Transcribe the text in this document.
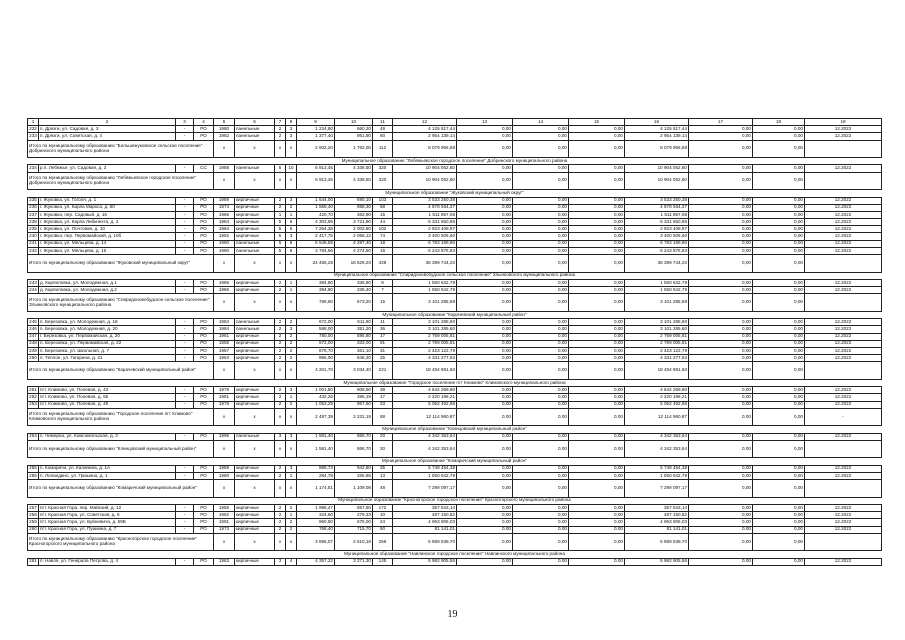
1	2	3	4	5	6	7	8	9	10	11	12	13	14	15	16	17	18	19
232	п. Дрязги, ул. Садовая, д. 3	-	РО	1980	панельные	2	3	1 224,80	660,20	49	4 125 817,44	0,00	0,00	0,00	4 125 817,44	0,00	0,00	12.2022
233	п. Дрязги, ул. Советская, д. 4	-	РО	1982	панельные	2	3	1 377,40	951,80	60	2 954 139,14	0,00	0,00	0,00	2 954 139,14	0,00	0,00	12.2022
Итого по муниципальному образованию "Большежуковское сельское поселение" Добринского муниципального района				х	х	х	х	2 602,20	1 762,00	112	8 079 956,58	0,00	0,00	0,00	8 079 956,58	0,00	0,00	
Муниципальное образование "Лебяжьевское городское поселение" Добринского муниципального района																		
234	р.п. Лебяжье, ул. Садовая, д. 2	-	СС	1988	панельные	5	10	6 913,45	4 338,50	320	10 904 052,60	0,00	0,00	0,00	10 904 052,60	0,00	0,00	12.2022
Итого по муниципальному образованию "Лебяжьевское городское поселение" Добринского муниципального района				х	х	х	х	6 913,45	4 338,50	320	10 904 052,60	0,00	0,00	0,00	10 904 052,60	0,00	0,00	
Муниципальное образование "Жуковский муниципальный округ"																		
235	г. Жуковка, ул. Гоголя, д. 1	-	РО	1989	кирпичные	2	3	1 644,00	690,10	103	3 533 250,38	0,00	0,00	0,00	3 533 250,38	0,00	0,00	12.2022
236	г. Жуковка, ул. Карла Маркса, д. 60	-	РО	1974	кирпичные	2	2	1 569,40	988,30	68	4 678 934,27	0,00	0,00	0,00	4 678 934,27	0,00	0,00	12.2022
237	г. Жуковка, пер. Садовый, д. 16	-	РО	1986	кирпичные	1	1	420,70	362,90	15	1 511 867,08	0,00	0,00	0,00	1 511 867,08	0,00	0,00	12.2022
238	г. Жуковка, ул. Карла Либкнехта, д. 2	-	РО	1984	кирпичные	5	6	4 303,95	3 721,90	44	6 331 650,85	0,00	0,00	0,00	6 331 650,85	0,00	0,00	12.2022
239	г. Жуковка, ул. Почтовая, д. 10	-	РО	1964	кирпичные	5	6	7 254,38	2 002,60	102	2 923 408,97	0,00	0,00	0,00	2 923 408,97	0,00	0,00	12.2022
240	г. Жуковка, пер. Первомайский, д. 10б	-	РО	1992	кирпичные	5	3	2 417,75	2 055,12	74	3 400 506,60	0,00	0,00	0,00	3 400 506,60	0,00	0,00	12.2022
241	г. Жуковка, ул. Мельцева, д. 14	-	РО	1980	панельные	5	6	5 549,59	4 297,40	18	6 783 199,80	0,00	0,00	0,00	6 783 199,80	0,00	0,00	12.2022
242	г. Жуковка, ул. Мельцева, д. 15	-	РО	1980	панельные	5	6	3 784,66	4 274,50	16	6 243 876,83	0,00	0,00	0,00	6 243 876,83	0,00	0,00	12.2022
Итого по муниципальному образованию "Жуковский муниципальный округ"				х	х	х	х	24 455,26	18 529,20	428	36 399 744,23	0,00	0,00	0,00	36 399 744,23	0,00	0,00	
Муниципальное образование "Спиридоновобудское сельское поселение" Злынковского муниципального района																		
243	д. Карпиловка, ул. Молодежная, д.1	-	РО	1986	кирпичные	2	1	394,80	336,80	8	1 550 642,79	0,00	0,00	0,00	1 550 642,79	0,00	0,00	12.2022
244	д. Карпиловка, ул. Молодежная, д.2	-	РО	1986	кирпичные	2	1	394,80	336,40	7	1 550 642,79	0,00	0,00	0,00	1 550 642,79	0,00	0,00	12.2022
Итого по муниципальному образованию "Спиридоновобудское сельское поселение" Злынковского муниципального района				х	х	х	х	789,60	673,20	15	3 101 285,58	0,00	0,00	0,00	3 101 285,58	0,00	0,00	
Муниципальное образование "Карачевский муниципальный район"																		
245	п. Березовка, ул. Молодежная, д. 18	-	РО	1984	панельные	2	2	672,00	611,60	11	3 101 285,60	0,00	0,00	0,00	3 101 285,60	0,00	0,00	12.2022
246	п. Березовка, ул. Молодежная, д. 20	-	РО	1984	панельные	2	3	588,00	351,20	36	3 101 285,60	0,00	0,00	0,00	3 101 285,60	0,00	0,00	12.2022
247	г. Березовка, ул. Первомайская, д. 20	-	РО	1961	кирпичные	2	2	780,00	595,80	17	2 769 005,81	0,00	0,00	0,00	2 769 005,81	0,00	0,00	12.2022
248	п. Березовка, ул. Первомайская, д. 22	-	РО	1958	кирпичные	2	2	572,00	333,00	91	2 769 005,81	0,00	0,00	0,00	2 769 005,81	0,00	0,00	12.2022
249	п. Березовка, ул. Школьная, д. 7	-	РО	1957	кирпичные	2	2	676,70	361,10	31	2 423 122,79	0,00	0,00	0,00	2 423 122,79	0,00	0,00	12.2022
250	п. Теплое, ул. Гагарина, д. 21	-	РО	1963	кирпичные	2	2	965,00	848,20	25	4 331 277,62	0,00	0,00	0,00	4 331 277,62	0,00	0,00	12.2022
Итого по муниципальному образованию "Карачевский муниципальный район"				х	х	х	х	4 201,70	3 034,40	221	18 494 981,63	0,00	0,00	0,00	18 494 981,63	0,00	0,00	
Муниципальное образование "Городское поселение пгт Климово" Климовского муниципального района																		
251	пгт. Климово, ул. Полевая, д. 43	-	РО	1979	кирпичные	2	3	1 001,80	908,50	38	4 642 269,80	0,00	0,00	0,00	4 642 269,80	0,00	0,00	12.2022
252	пгт. Климово, ул. Полевая, д. 55	-	РО	1981	кирпичные	2	1	432,26	395,19	17	2 220 198,21	0,00	0,00	0,00	2 220 198,21	0,00	0,00	12.2022
253	пгт. Климово, ул. Полевая, д. 49	-	РО	1978	кирпичные	2	2	1 053,29	967,50	33	5 052 492,86	0,00	0,00	0,00	5 052 492,86	0,00	0,00	12.2022
Итого по муниципальному образованию "Городское поселение пгт Климово" Климовского муниципального района				х	х	х	х	2 487,39	2 231,19	88	12 114 960,87	0,00	0,00	0,00	12 114 960,87	0,00	0,00	-
Муниципальное образование "Клинцовский муниципальный район"																		
254	п. Чемерна, ул. Комсомольская, д. 3	-	РО	1995	панельные	3	3	1 581,40	866,70	20	4 342 353,64	0,00	0,00	0,00	4 342 353,64	0,00	0,00	12.2022
Итого по муниципальному образованию "Клинцовский муниципальный район"				х	х	х	х	1 581,40	866,70	20	4 342 353,64	0,00	0,00	0,00	4 342 353,64	0,00	0,00	
Муниципальное образование "Комаричский муниципальный район"																		
255	п. Комаричи, ул. Калинина, д. 1А	-	РО	1989	кирпичные	2	3	989,73	942,80	35	5 748 454,38	0,00	0,00	0,00	5 748 454,38	0,00	0,00	12.2022
256	п. Лопандино, ул. Гришина, д. 1	-	РО	1960	кирпичные	2	1	284,78	266,88	13	1 550 642,79	0,00	0,00	0,00	1 550 642,79	0,00	0,00	12.2022
Итого по муниципальному образованию "Комаричский муниципальный район"				х	х	х	х	1 174,51	1 109,08	48	7 299 097,17	0,00	0,00	0,00	7 299 097,17	0,00	0,00	
Муниципальное образование "Красногорское городское поселение" Красногорского муниципального района																		
257	пгт. Красная Гора, пер. Майский, д. 12	-	РО	1956	кирпичные	2	2	1 986,47	857,90	172	357 543,14	0,00	0,00	0,00	357 543,14	0,00	0,00	12.2022
258	пгт. Красная Гора, ул. Советская, д. 5	-	РО	1962	кирпичные	2	1	324,60	279,33	10	487 150,52	0,00	0,00	0,00	487 150,52	0,00	0,00	12.2022
259	пгт. Красная Гора, ул. Буйневича, д. 58Б	-	РО	1991	кирпичные	2	2	960,80	676,00	24	4 963 806,03	0,00	0,00	0,00	4 963 806,03	0,00	0,00	12.2022
260	пгт. Красная Гора, ул. Пушкина, д. 7	-	РО	1973	кирпичные	2	2	768,40	715,70	50	81 141,01	0,00	0,00	0,00	81 141,01	0,00	0,00	12.2022
Итого по муниципальному образованию "Красногорское городское поселение" Красногорского муниципального района				х	х	х	х	3 895,07	2 510,18	256	5 889 639,70	0,00	0,00	0,00	5 889 639,70	0,00	0,00	
Муниципальное образование "Навлинское городское поселение" Навлинского муниципального района																		
261	п. Навля, ул. Генерала Петрова, д. 4	-	РО	1963	кирпичные	3	4	4 357,22	3 271,30	145	5 982 905,56	0,00	0,00	0,00	5 982 905,56	0,00	0,00	12.2022
19
